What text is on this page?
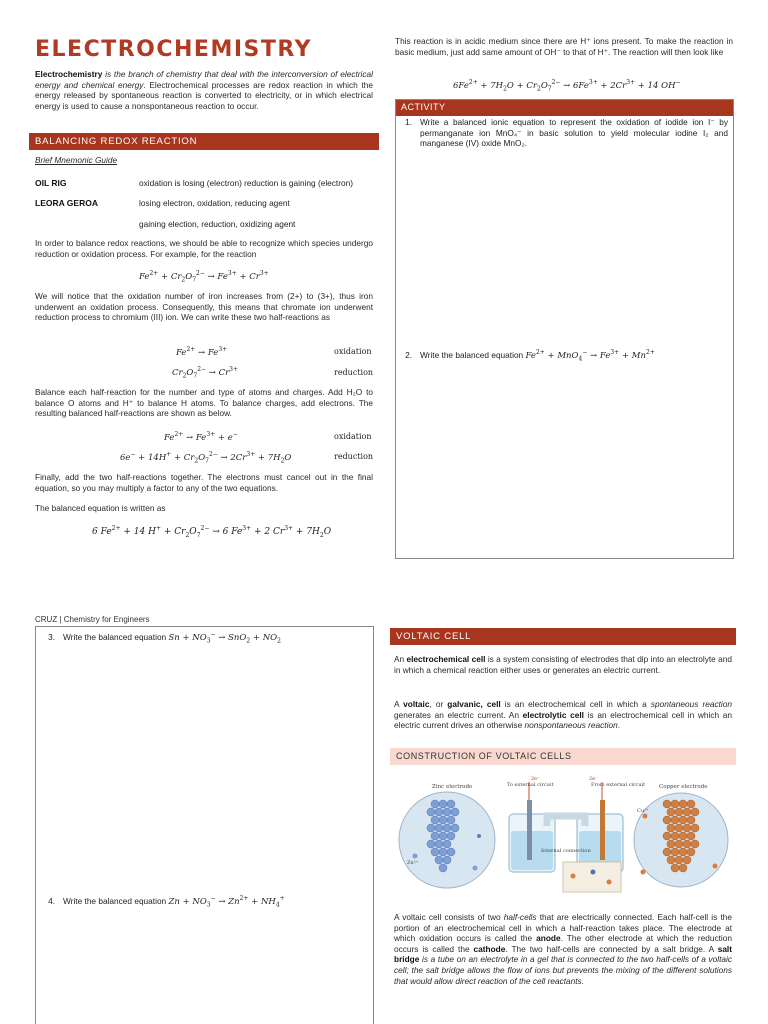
ELECTROCHEMISTRY

Electrochemistry is the branch of chemistry that deal with the interconversion of electrical energy and chemical energy. Electrochemical processes are redox reaction in which the energy released by spontaneous reaction is converted to electricity, or in which electrical energy is used to cause a nonspontaneous reaction to occur.

BALANCING REDOX REACTION
Brief Mnemonic Guide
OIL RIG	oxidation is losing (electron) reduction is gaining (electron)
LEORA GEROA	losing electron, oxidation, reducing agent
gaining election, reduction, oxidizing agent

In order to balance redox reactions, we should be able to recognize which species undergo reduction or oxidation process. For example, for the reaction

$Fe^{2+} + Cr_2O_7^{2-} \to Fe^{3+} + Cr^{3+}$

We will notice that the oxidation number of iron increases from (2+) to (3+), thus iron underwent an oxidation process. Consequently, this means that chromate ion underwent reduction process to chromium (III) ion. We can write these two half-reactions as

$Fe^{2+} \to Fe^{3+}$	oxidation
$Cr_2O_7^{2-} \to Cr^{3+}$	reduction

Balance each half-reaction for the number and type of atoms and charges. Add H₂O to balance O atoms and H⁺ to balance H atoms. To balance charges, add electrons. The resulting balanced half-reactions are shown as below.

$Fe^{2+} \to Fe^{3+} + e^-$	oxidation
$6e^- + 14H^+ + Cr_2O_7^{2-} \to 2Cr^{3+} + 7H_2O$	reduction

Finally, add the two half-reactions together. The electrons must cancel out in the final equation, so you may multiply a factor to any of the two equations.

The balanced equation is written as

6 $Fe^{2+} + 14$ $H^+ + Cr_2O_7^{2-} \to 6$ $Fe^{3+} + 2$ $Cr^{3+} + 7H_2O$

This reaction is in acidic medium since there are H⁺ ions present. To make the reaction in basic medium, just add same amount of OH⁻ to that of H⁺. The reaction will then look like

$6Fe^{2+} + 7H_2O + Cr_2O_7^{2-} \to 6Fe^{3+} + 2Cr^{3+} + 14$ OH−
ACTIVITY
1. Write a balanced ionic equation to represent the oxidation of iodide ion I⁻ by permanganate ion MnO₄⁻ in basic solution to yield molecular iodine I₂ and manganese (IV) oxide MnO₂.
2. Write the balanced equation $Fe^{2+} + MnO_4^- \to Fe^{3+} + Mn^{2+}$
CRUZ | Chemistry for Engineers
3. Write the balanced equation $Sn + NO_3^- \to SnO_2 + NO_2$
4. Write the balanced equation $Zn + NO_3^- \to Zn^{2+} + NH_4^+$
VOLTAIC CELL

An electrochemical cell is a system consisting of electrodes that dip into an electrolyte and in which a chemical reaction either uses or generates an electric current.

A voltaic, or galvanic, cell is an electrochemical cell in which a spontaneous reaction generates an electric current. An electrolytic cell is an electrochemical cell in which an electric current drives an otherwise nonspontaneous reaction.

CONSTRUCTION OF VOLTAIC CELLS
Zinc electrode
Zn²⁺
To external circuit	From external circuit
2e⁻	2e⁻
Internal connection
Copper electrode
Cu²⁺

A voltaic cell consists of two half-cells that are electrically connected. Each half-cell is the portion of an electrochemical cell in which a half-reaction takes place. The electrode at which oxidation occurs is called the anode. The other electrode at which the reduction occurs is called the cathode. The two half-cells are connected by a salt bridge. A salt bridge is a tube on an electrolyte in a gel that is connected to the two half-cells of a voltaic cell; the salt bridge allows the flow of ions but prevents the mixing of the different solutions that would allow direct reaction of the cell reactants.
